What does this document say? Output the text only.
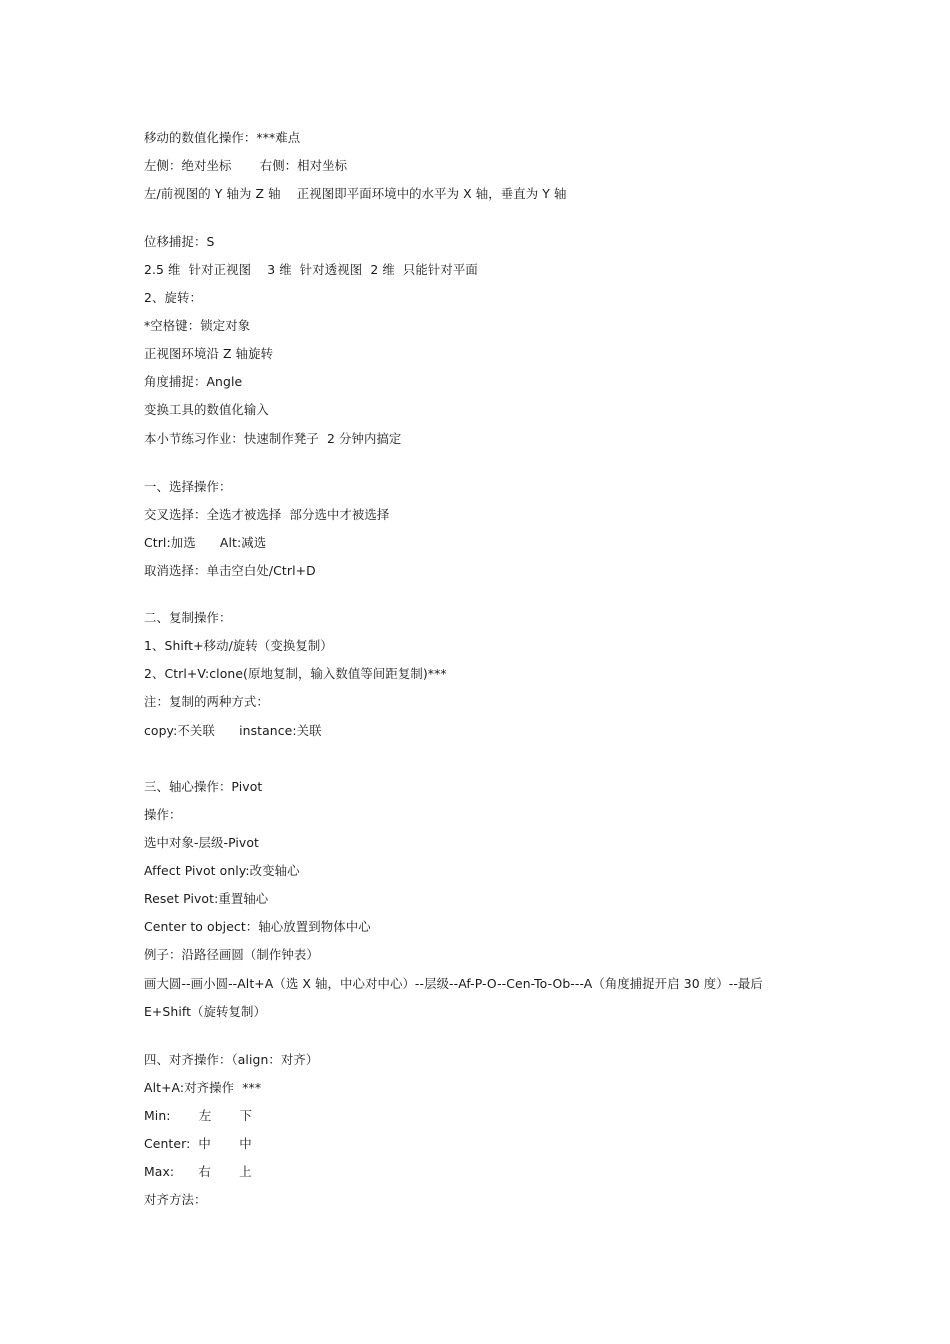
移动的数值化操作：***难点
左侧：绝对坐标       右侧：相对坐标
左/前视图的 Y 轴为 Z 轴    正视图即平面环境中的水平为 X 轴，垂直为 Y 轴
位移捕捉：S
2.5 维  针对正视图    3 维  针对透视图  2 维  只能针对平面
2、旋转：
*空格键：锁定对象
正视图环境沿 Z 轴旋转
角度捕捉：Angle
变换工具的数值化输入
本小节练习作业：快速制作凳子  2 分钟内搞定
一、选择操作：
交叉选择：全选才被选择  部分选中才被选择
Ctrl:加选      Alt:减选
取消选择：单击空白处/Ctrl+D
二、复制操作：
1、Shift+移动/旋转（变换复制）
2、Ctrl+V:clone(原地复制，输入数值等间距复制)***
注：复制的两种方式：
copy:不关联      instance:关联
三、轴心操作：Pivot
操作：
选中对象-层级-Pivot
Affect Pivot only:改变轴心
Reset Pivot:重置轴心
Center to object：轴心放置到物体中心
例子：沿路径画圆（制作钟表）
画大圆--画小圆--Alt+A（选 X 轴，中心对中心）--层级--Af-P-O--Cen-To-Ob---A（角度捕捉开启 30 度）--最后 E+Shift（旋转复制）
四、对齐操作：（align：对齐）
Alt+A:对齐操作  ***
Min:       左       下
Center:  中       中
Max:      右       上
对齐方法：
